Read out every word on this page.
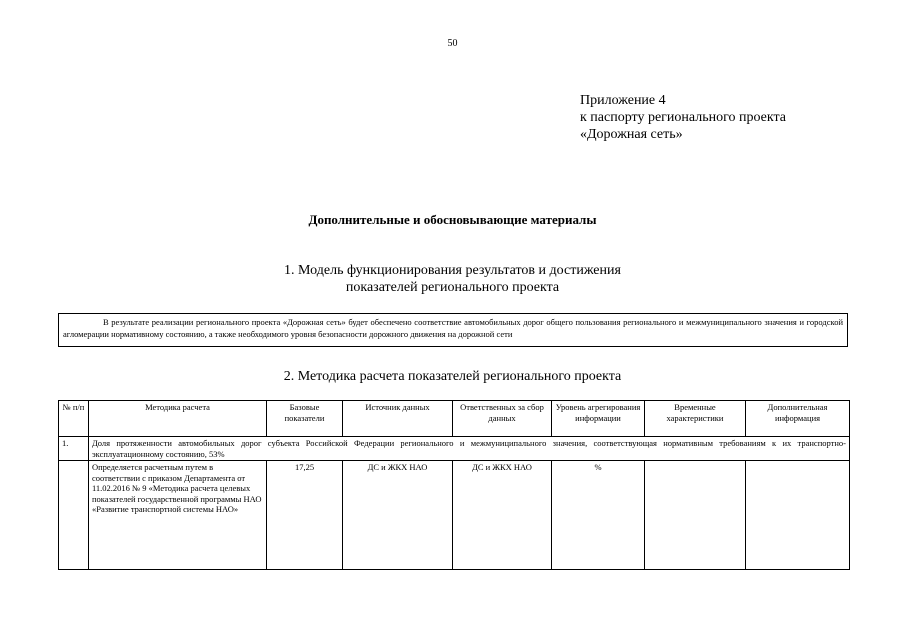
50
Приложение 4
к паспорту регионального проекта
«Дорожная сеть»
Дополнительные и обосновывающие материалы
1. Модель функционирования результатов и достижения
показателей регионального проекта
В результате реализации регионального проекта «Дорожная сеть» будет обеспечено соответствие автомобильных дорог общего пользования регионального и межмуниципального значения и городской агломерации нормативному состоянию, а также необходимого уровня безопасности дорожного движения на дорожной сети
2. Методика расчета показателей регионального проекта
№ п/п	Методика расчета	Базовые показатели	Источник данных	Ответственных за сбор данных	Уровень агрегирования информации	Временные характеристики	Дополнительная информация
1.	Доля протяженности автомобильных дорог субъекта Российской Федерации регионального и межмуниципального значения, соответствующая нормативным требованиям к их транспортно-эксплуатационному состоянию, 53%						
	Определяется расчетным путем в соответствии с приказом Департамента от 11.02.2016 № 9 «Методика расчета целевых показателей государственной программы НАО «Развитие транспортной системы НАО»	17,25	ДС и ЖКХ НАО	ДС и ЖКХ НАО	%		
